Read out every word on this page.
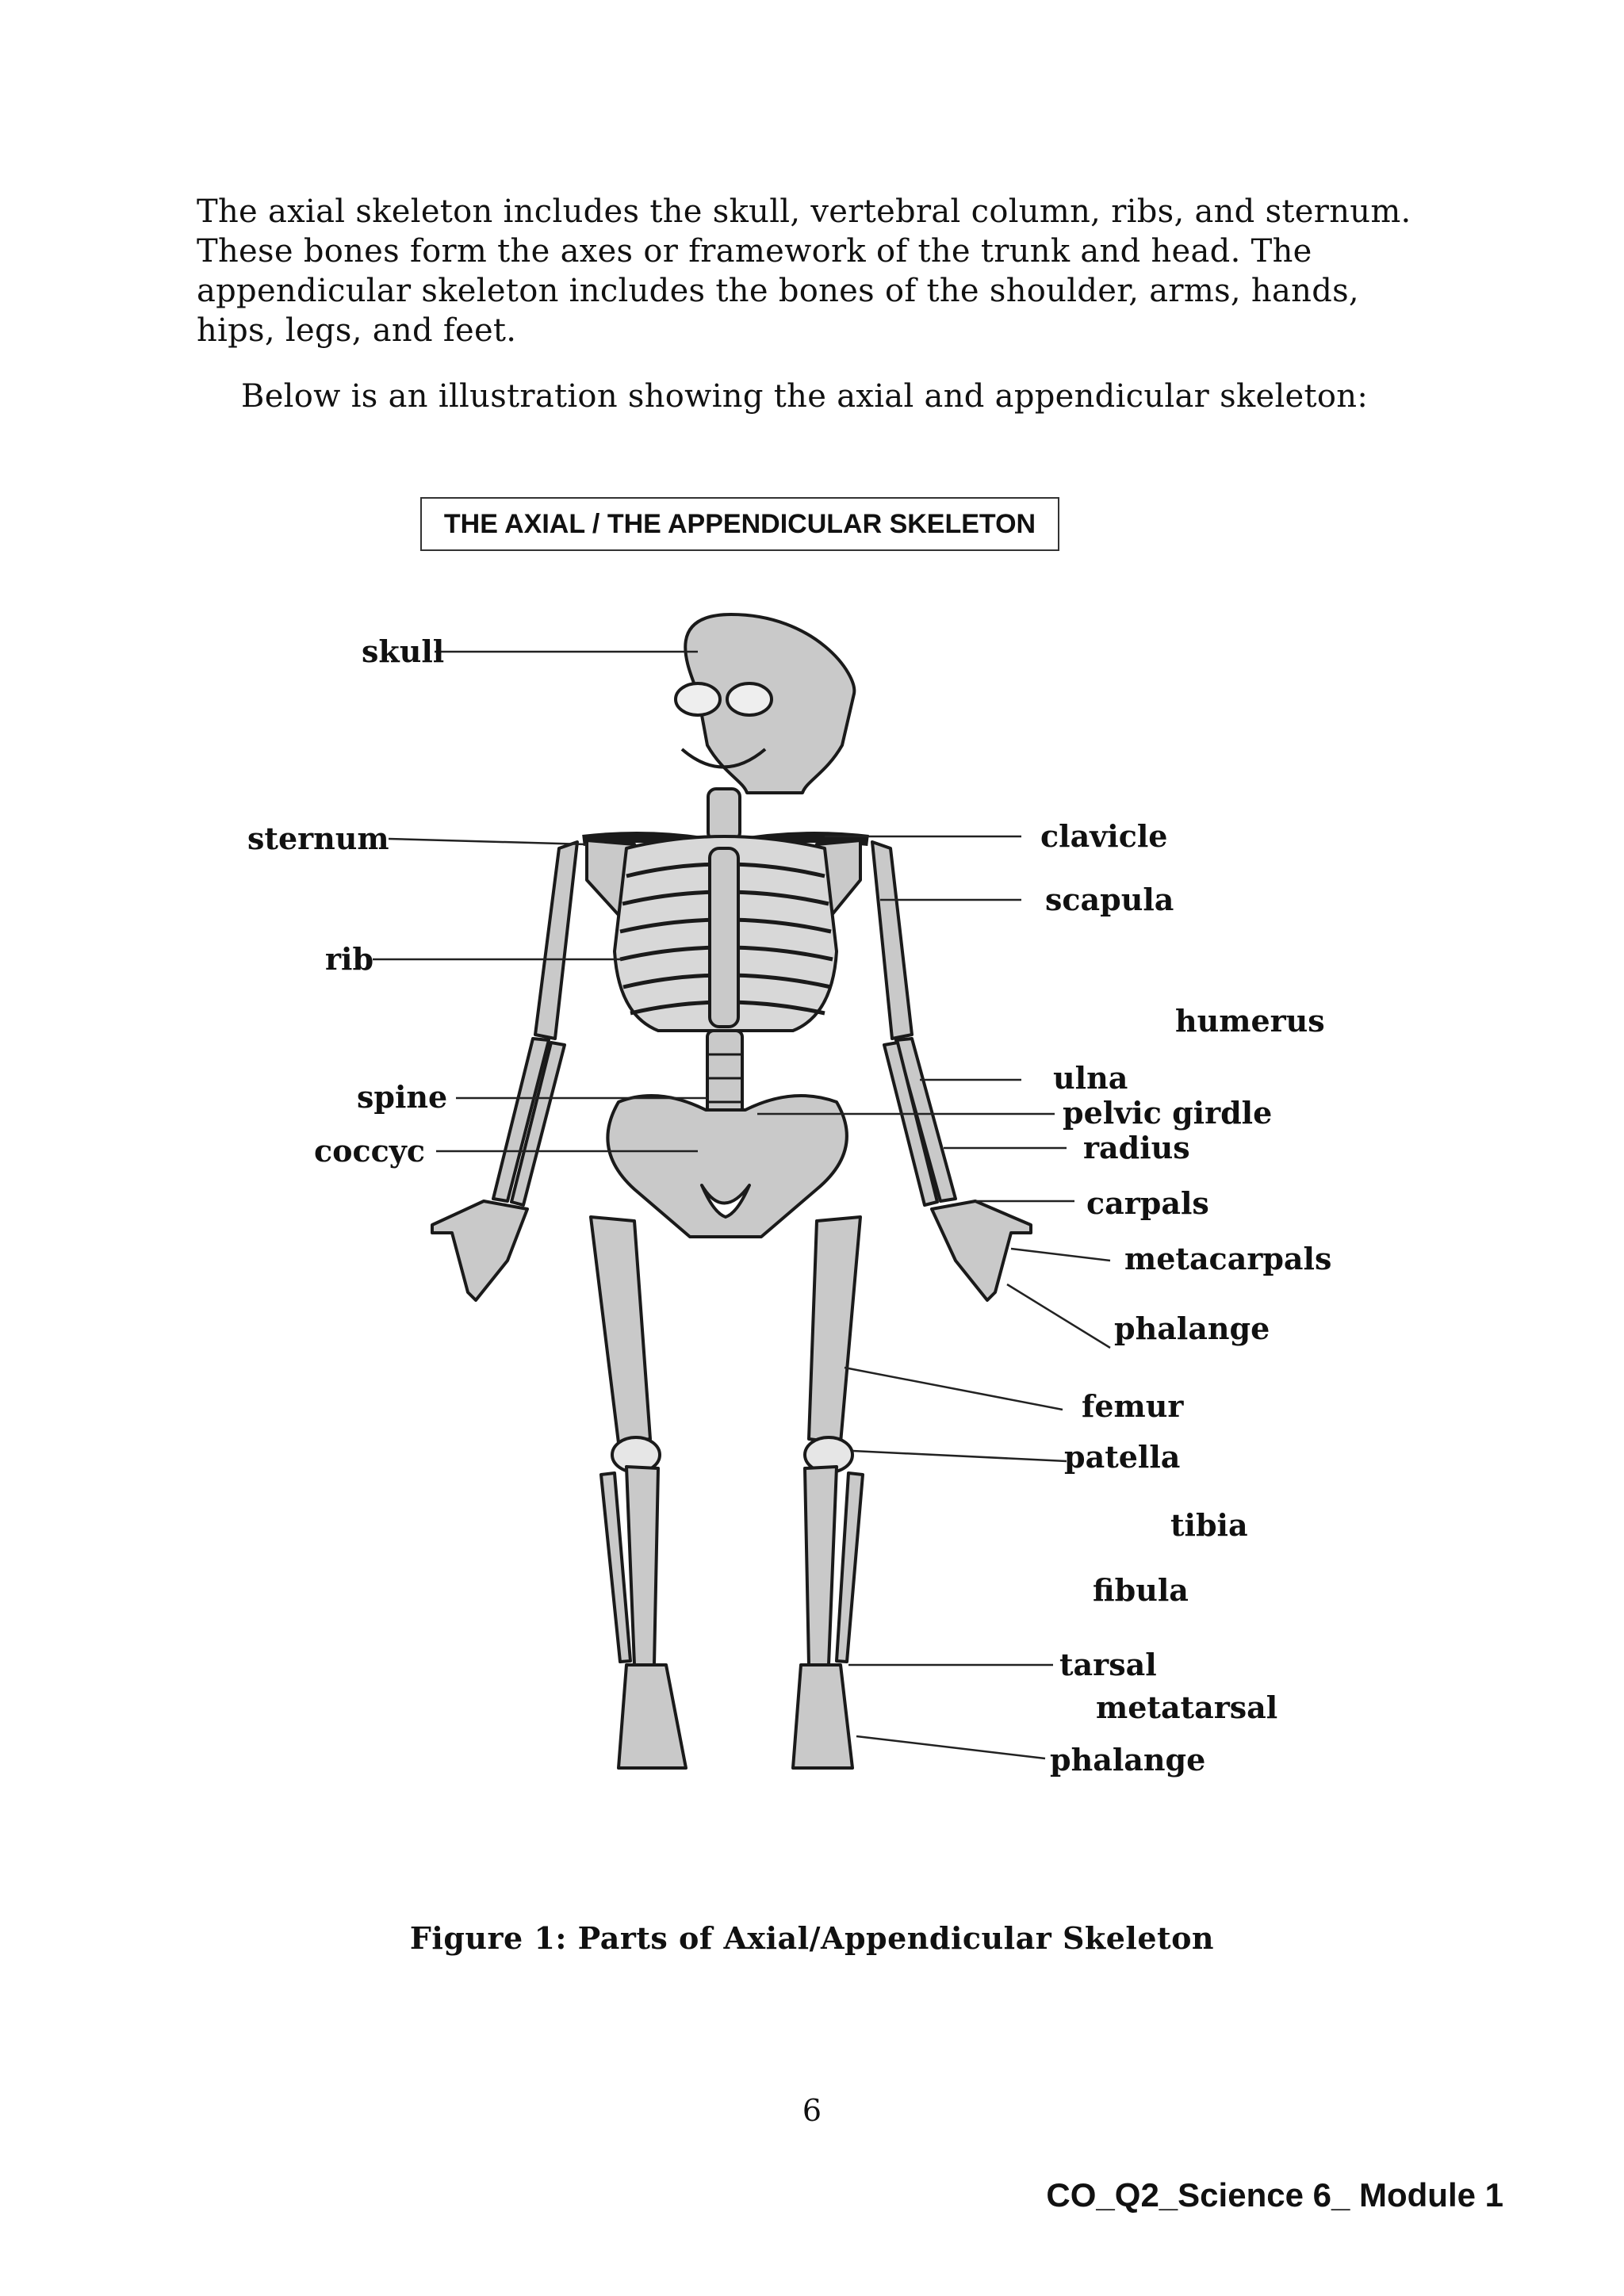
The axial skeleton includes the skull, vertebral column, ribs, and sternum. These bones form the axes or framework of the trunk and head. The appendicular skeleton includes the bones of the shoulder, arms, hands, hips, legs, and feet.

Below is an illustration showing the axial and appendicular skeleton:

THE AXIAL / THE APPENDICULAR SKELETON
skull
sternum
rib
spine
coccyc
clavicle
scapula
humerus
ulna
pelvic girdle
radius
carpals
metacarpals
phalange
femur
patella
tibia
fibula
tarsal
metatarsal
phalange
Figure 1: Parts of Axial/Appendicular Skeleton
6
CO_Q2_Science 6_ Module 1
